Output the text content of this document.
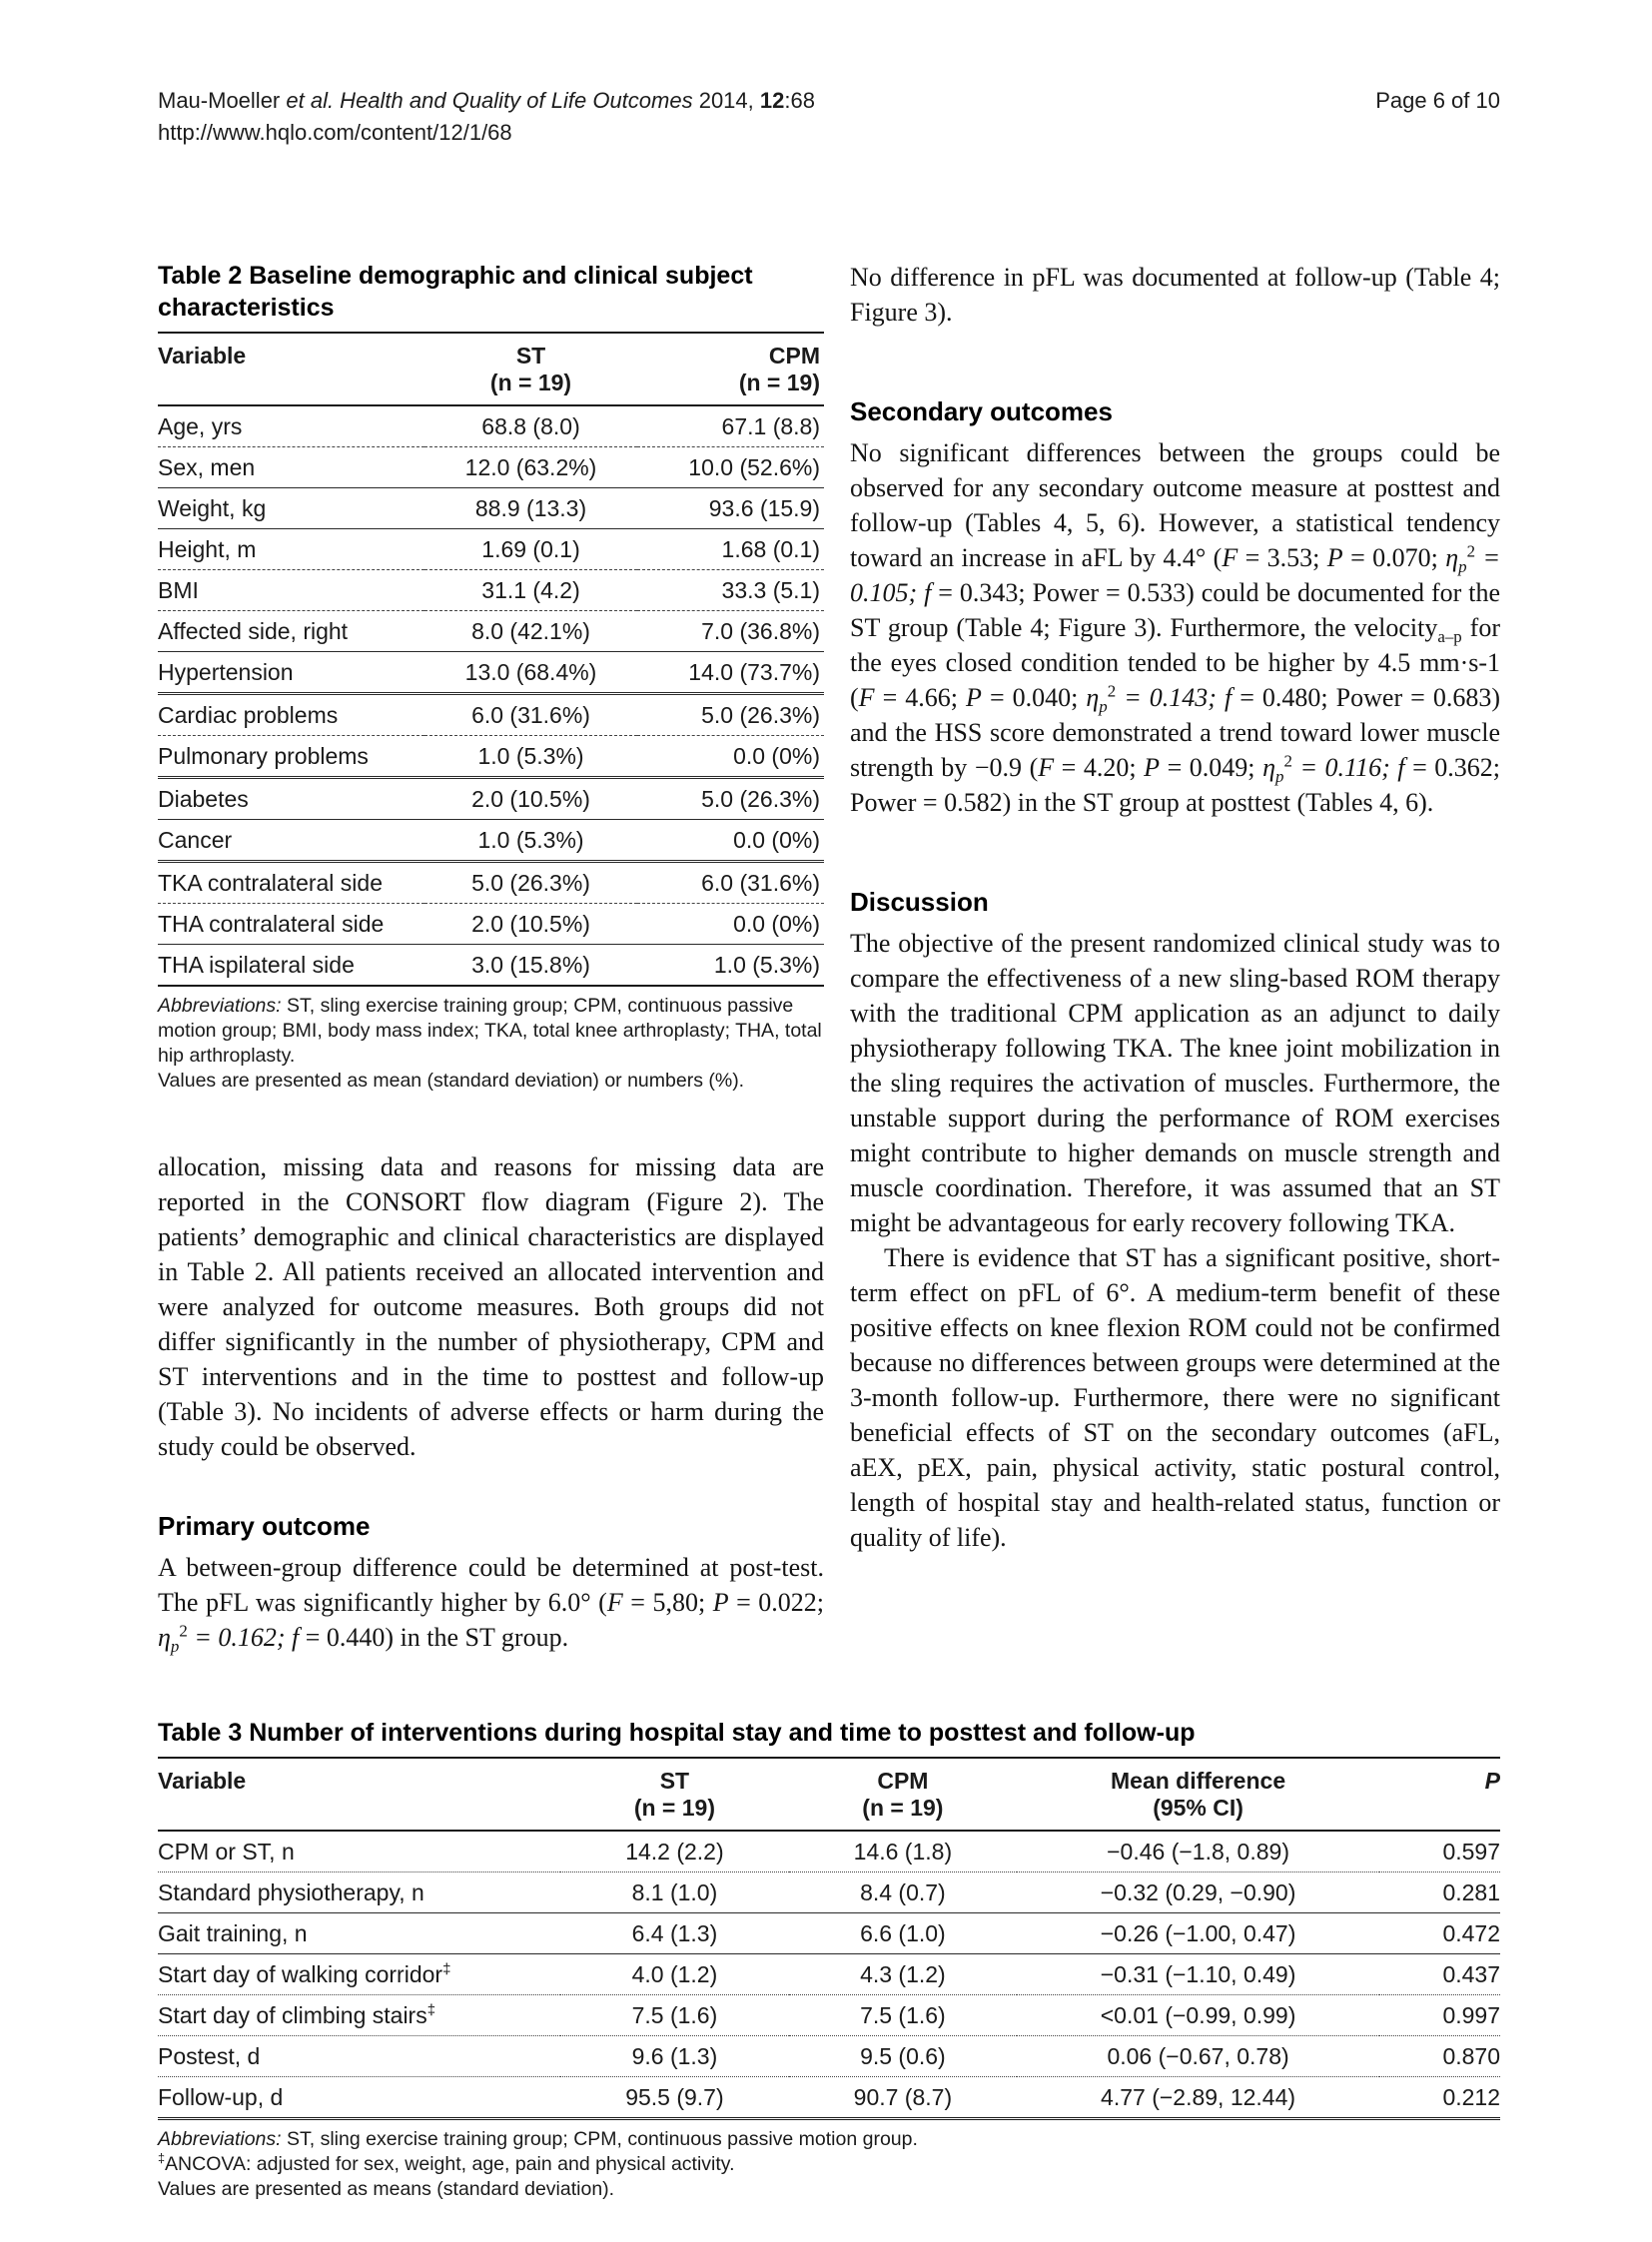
Mau-Moeller et al. Health and Quality of Life Outcomes 2014, 12:68	Page 6 of 10
http://www.hqlo.com/content/12/1/68
Table 2 Baseline demographic and clinical subject characteristics
Variable	ST	CPM
	(n = 19)	(n = 19)
Age, yrs	68.8 (8.0)	67.1 (8.8)
Sex, men	12.0 (63.2%)	10.0 (52.6%)
Weight, kg	88.9 (13.3)	93.6 (15.9)
Height, m	1.69 (0.1)	1.68 (0.1)
BMI	31.1 (4.2)	33.3 (5.1)
Affected side, right	8.0 (42.1%)	7.0 (36.8%)
Hypertension	13.0 (68.4%)	14.0 (73.7%)
Cardiac problems	6.0 (31.6%)	5.0 (26.3%)
Pulmonary problems	1.0 (5.3%)	0.0 (0%)
Diabetes	2.0 (10.5%)	5.0 (26.3%)
Cancer	1.0 (5.3%)	0.0 (0%)
TKA contralateral side	5.0 (26.3%)	6.0 (31.6%)
THA contralateral side	2.0 (10.5%)	0.0 (0%)
THA ispilateral side	3.0 (15.8%)	1.0 (5.3%)

Abbreviations: ST, sling exercise training group; CPM, continuous passive motion group; BMI, body mass index; TKA, total knee arthroplasty; THA, total hip arthroplasty.

Values are presented as mean (standard deviation) or numbers (%).

allocation, missing data and reasons for missing data are reported in the CONSORT flow diagram (Figure 2). The patients’ demographic and clinical characteristics are displayed in Table 2. All patients received an allocated intervention and were analyzed for outcome measures. Both groups did not differ significantly in the number of physiotherapy, CPM and ST interventions and in the time to posttest and follow-up (Table 3). No incidents of adverse effects or harm during the study could be observed.

Primary outcome

A between-group difference could be determined at post-test. The pFL was significantly higher by 6.0° (F = 5,80; P = 0.022; $\eta_p^2 = 0.162$; f = 0.440) in the ST group.

No difference in pFL was documented at follow-up (Table 4; Figure 3).

Secondary outcomes

No significant differences between the groups could be observed for any secondary outcome measure at posttest and follow-up (Tables 4, 5, 6). However, a statistical tendency toward an increase in aFL by 4.4° (F = 3.53; P = 0.070; $\eta_p^2 = 0.105$; f = 0.343; Power = 0.533) could be documented for the ST group (Table 4; Figure 3). Furthermore, the velocity$_{a-p}$ for the eyes closed condition tended to be higher by 4.5 mm·s-1 (F = 4.66; P = 0.040; $\eta_p^2 = 0.143$; f = 0.480; Power = 0.683) and the HSS score demonstrated a trend toward lower muscle strength by −0.9 (F = 4.20; P = 0.049; $\eta_p^2 = 0.116$; f = 0.362; Power = 0.582) in the ST group at posttest (Tables 4, 6).

Discussion

The objective of the present randomized clinical study was to compare the effectiveness of a new sling-based ROM therapy with the traditional CPM application as an adjunct to daily physiotherapy following TKA. The knee joint mobilization in the sling requires the activation of muscles. Furthermore, the unstable support during the performance of ROM exercises might contribute to higher demands on muscle strength and muscle coordination. Therefore, it was assumed that an ST might be advantageous for early recovery following TKA.

There is evidence that ST has a significant positive, short-term effect on pFL of 6°. A medium-term benefit of these positive effects on knee flexion ROM could not be confirmed because no differences between groups were determined at the 3-month follow-up. Furthermore, there were no significant beneficial effects of ST on the secondary outcomes (aFL, aEX, pEX, pain, physical activity, static postural control, length of hospital stay and health-related status, function or quality of life).

Table 3 Number of interventions during hospital stay and time to posttest and follow-up
Variable	ST	CPM	Mean difference	P
	(n = 19)	(n = 19)	(95% CI)	
CPM or ST, n	14.2 (2.2)	14.6 (1.8)	−0.46 (−1.8, 0.89)	0.597
Standard physiotherapy, n	8.1 (1.0)	8.4 (0.7)	−0.32 (0.29, −0.90)	0.281
Gait training, n	6.4 (1.3)	6.6 (1.0)	−0.26 (−1.00, 0.47)	0.472
Start day of walking corridor‡	4.0 (1.2)	4.3 (1.2)	−0.31 (−1.10, 0.49)	0.437
Start day of climbing stairs‡	7.5 (1.6)	7.5 (1.6)	<0.01 (−0.99, 0.99)	0.997
Postest, d	9.6 (1.3)	9.5 (0.6)	0.06 (−0.67, 0.78)	0.870
Follow-up, d	95.5 (9.7)	90.7 (8.7)	4.77 (−2.89, 12.44)	0.212

Abbreviations: ST, sling exercise training group; CPM, continuous passive motion group.

‡ANCOVA: adjusted for sex, weight, age, pain and physical activity.

Values are presented as means (standard deviation).
